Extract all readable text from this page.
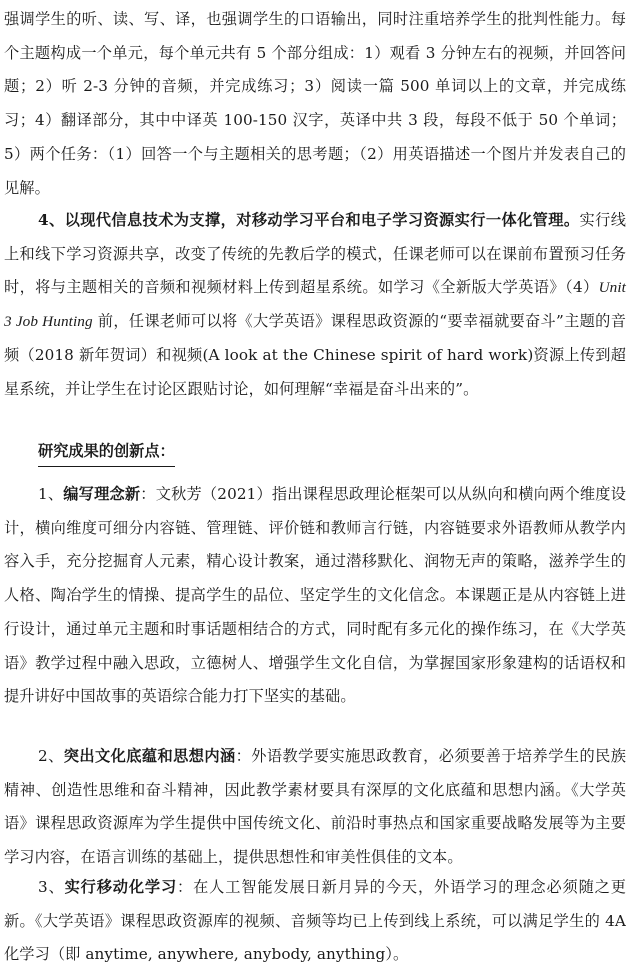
强调学生的听、读、写、译，也强调学生的口语输出，同时注重培养学生的批判性能力。每个主题构成一个单元，每个单元共有 5 个部分组成：1）观看 3 分钟左右的视频，并回答问题；2）听 2-3 分钟的音频，并完成练习；3）阅读一篇 500 单词以上的文章，并完成练习；4）翻译部分，其中中译英 100-150 汉字，英译中共 3 段，每段不低于 50 个单词；5）两个任务：（1）回答一个与主题相关的思考题；（2）用英语描述一个图片并发表自己的见解。

4、以现代信息技术为支撑，对移动学习平台和电子学习资源实行一体化管理。实行线上和线下学习资源共享，改变了传统的先教后学的模式，任课老师可以在课前布置预习任务时，将与主题相关的音频和视频材料上传到超星系统。如学习《全新版大学英语》（4）Unit 3 Job Hunting 前，任课老师可以将《大学英语》课程思政资源的“要幸福就要奋斗”主题的音频（2018 新年贺词）和视频(A look at the Chinese spirit of hard work)资源上传到超星系统，并让学生在讨论区跟贴讨论，如何理解“幸福是奋斗出来的”。

研究成果的创新点：

1、编写理念新：文秋芳（2021）指出课程思政理论框架可以从纵向和横向两个维度设计，横向维度可细分内容链、管理链、评价链和教师言行链，内容链要求外语教师从教学内容入手，充分挖掘育人元素，精心设计教案，通过潜移默化、润物无声的策略，滋养学生的人格、陶冶学生的情操、提高学生的品位、坚定学生的文化信念。本课题正是从内容链上进行设计，通过单元主题和时事话题相结合的方式，同时配有多元化的操作练习，在《大学英语》教学过程中融入思政，立德树人、增强学生文化自信，为掌握国家形象建构的话语权和提升讲好中国故事的英语综合能力打下坚实的基础。

2、突出文化底蕴和思想内涵：外语教学要实施思政教育，必须要善于培养学生的民族精神、创造性思维和奋斗精神，因此教学素材要具有深厚的文化底蕴和思想内涵。《大学英语》课程思政资源库为学生提供中国传统文化、前沿时事热点和国家重要战略发展等为主要学习内容，在语言训练的基础上，提供思想性和审美性俱佳的文本。

3、实行移动化学习：在人工智能发展日新月异的今天，外语学习的理念必须随之更新。《大学英语》课程思政资源库的视频、音频等均已上传到线上系统，可以满足学生的 4A 化学习（即 anytime, anywhere, anybody, anything）。
